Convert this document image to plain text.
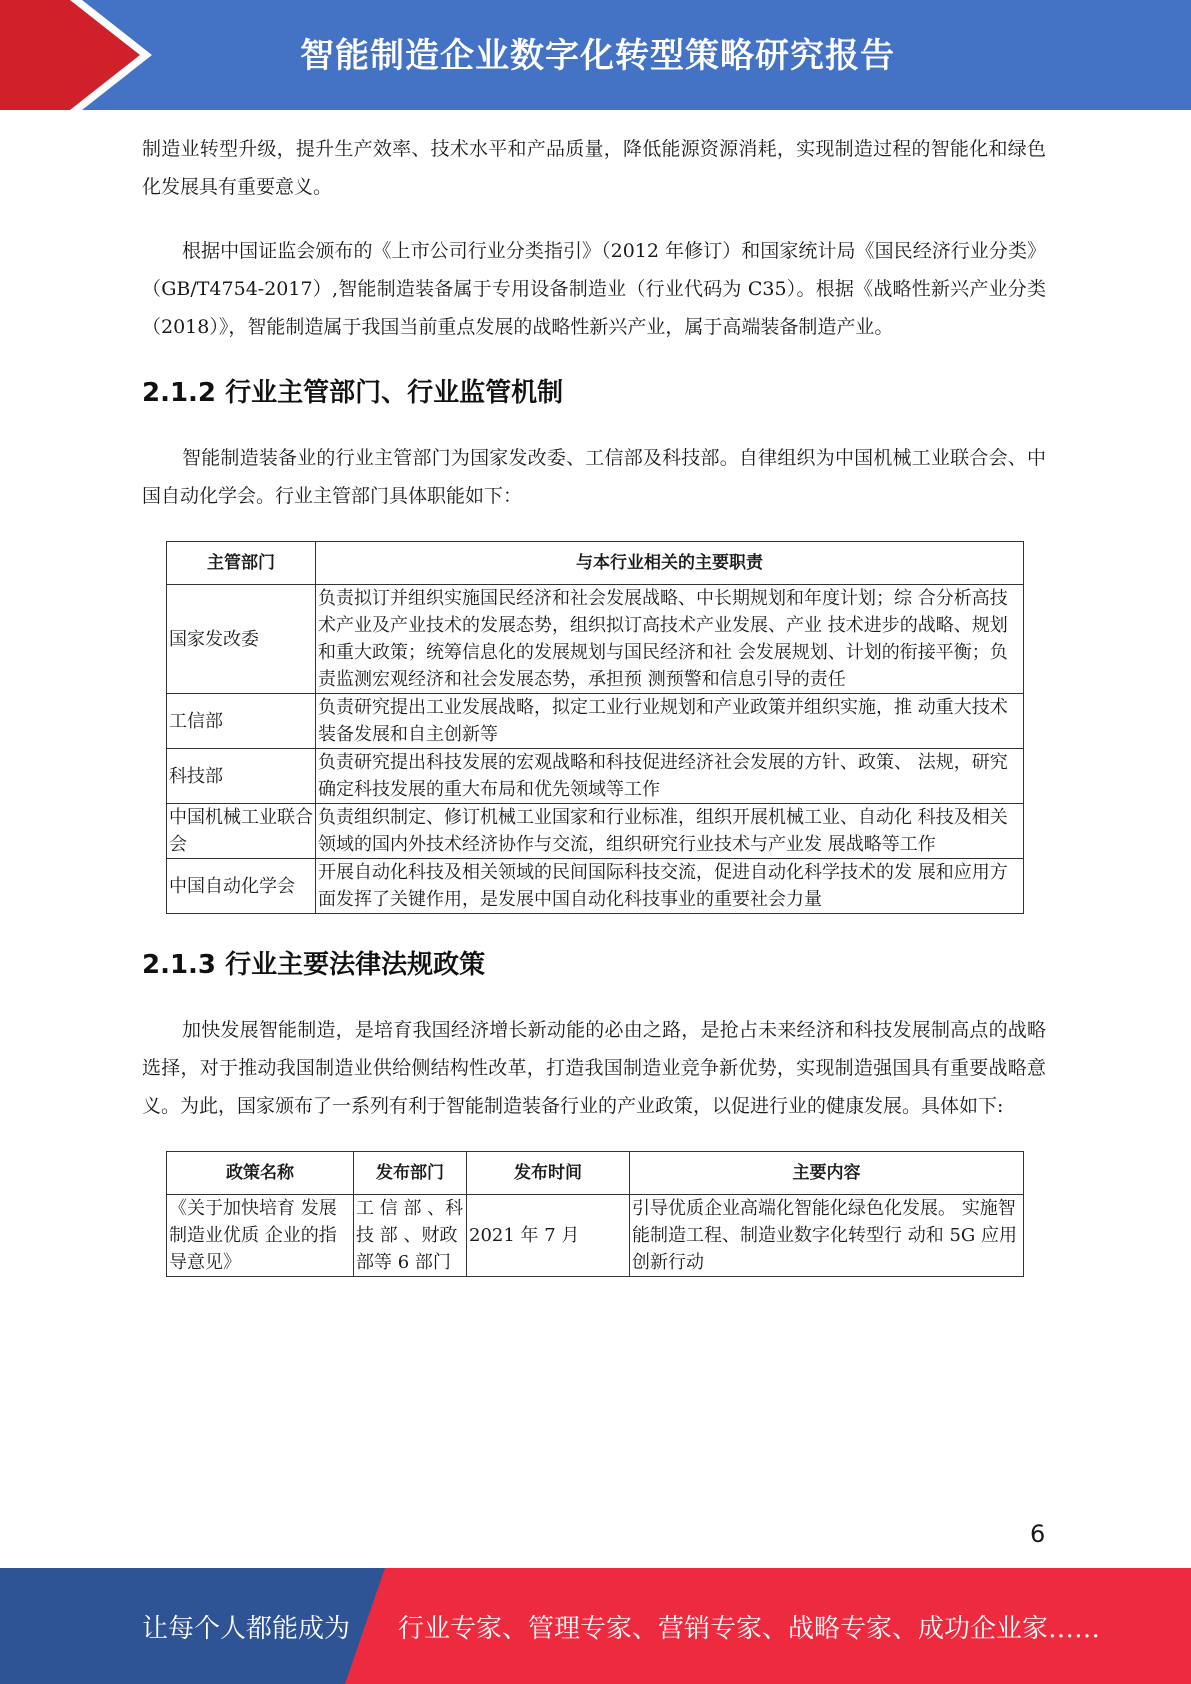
智能制造企业数字化转型策略研究报告

制造业转型升级，提升生产效率、技术水平和产品质量，降低能源资源消耗，实现制造过程的智能化和绿色化发展具有重要意义。

根据中国证监会颁布的《上市公司行业分类指引》（2012 年修订）和国家统计局《国民经济行业分类》（GB/T4754-2017）,智能制造装备属于专用设备制造业（行业代码为 C35）。根据《战略性新兴产业分类（2018）》，智能制造属于我国当前重点发展的战略性新兴产业，属于高端装备制造产业。

2.1.2 行业主管部门、行业监管机制

智能制造装备业的行业主管部门为国家发改委、工信部及科技部。自律组织为中国机械工业联合会、中国自动化学会。行业主管部门具体职能如下：

主管部门	与本行业相关的主要职责
国家发改委	负责拟订并组织实施国民经济和社会发展战略、中长期规划和年度计划；综 合分析高技术产业及产业技术的发展态势，组织拟订高技术产业发展、产业 技术进步的战略、规划和重大政策；统筹信息化的发展规划与国民经济和社 会发展规划、计划的衔接平衡；负责监测宏观经济和社会发展态势，承担预 测预警和信息引导的责任
工信部	负责研究提出工业发展战略，拟定工业行业规划和产业政策并组织实施，推 动重大技术装备发展和自主创新等
科技部	负责研究提出科技发展的宏观战略和科技促进经济社会发展的方针、政策、 法规，研究确定科技发展的重大布局和优先领域等工作
中国机械工业联合会	负责组织制定、修订机械工业国家和行业标准，组织开展机械工业、自动化 科技及相关领域的国内外技术经济协作与交流，组织研究行业技术与产业发 展战略等工作
中国自动化学会	开展自动化科技及相关领域的民间国际科技交流，促进自动化科学技术的发 展和应用方面发挥了关键作用，是发展中国自动化科技事业的重要社会力量
2.1.3 行业主要法律法规政策

加快发展智能制造，是培育我国经济增长新动能的必由之路，是抢占未来经济和科技发展制高点的战略选择，对于推动我国制造业供给侧结构性改革，打造我国制造业竞争新优势，实现制造强国具有重要战略意义。为此，国家颁布了一系列有利于智能制造装备行业的产业政策，以促进行业的健康发展。具体如下:

政策名称	发布部门	发布时间	主要内容
《关于加快培育 发展制造业优质 企业的指导意见》	工 信 部 、科 技 部 、财政部等 6 部门	2021 年 7 月	引导优质企业高端化智能化绿色化发展。 实施智能制造工程、制造业数字化转型行 动和 5G 应用创新行动
6
让每个人都能成为 行业专家、管理专家、营销专家、战略专家、成功企业家……
